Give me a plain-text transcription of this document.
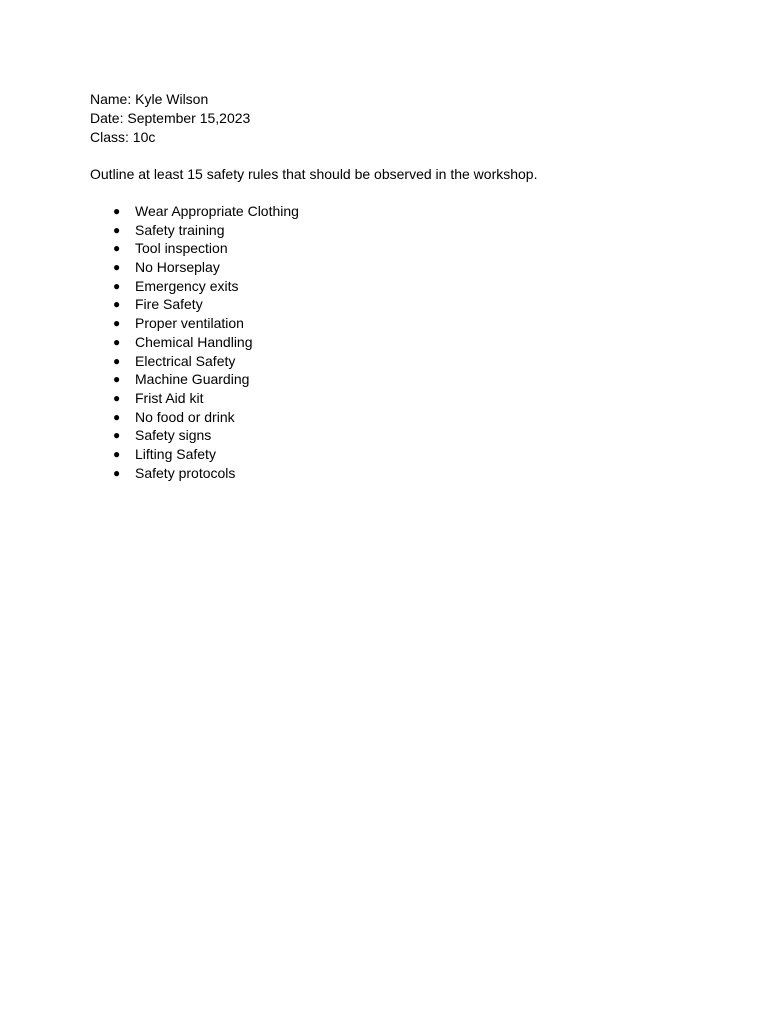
Name: Kyle Wilson
Date: September 15,2023
Class: 10c
Outline at least 15 safety rules that should be observed in the workshop.
● Wear Appropriate Clothing
● Safety training
● Tool inspection
● No Horseplay
● Emergency exits
● Fire Safety
● Proper ventilation
● Chemical Handling
● Electrical Safety
● Machine Guarding
● Frist Aid kit
● No food or drink
● Safety signs
● Lifting Safety
● Safety protocols
